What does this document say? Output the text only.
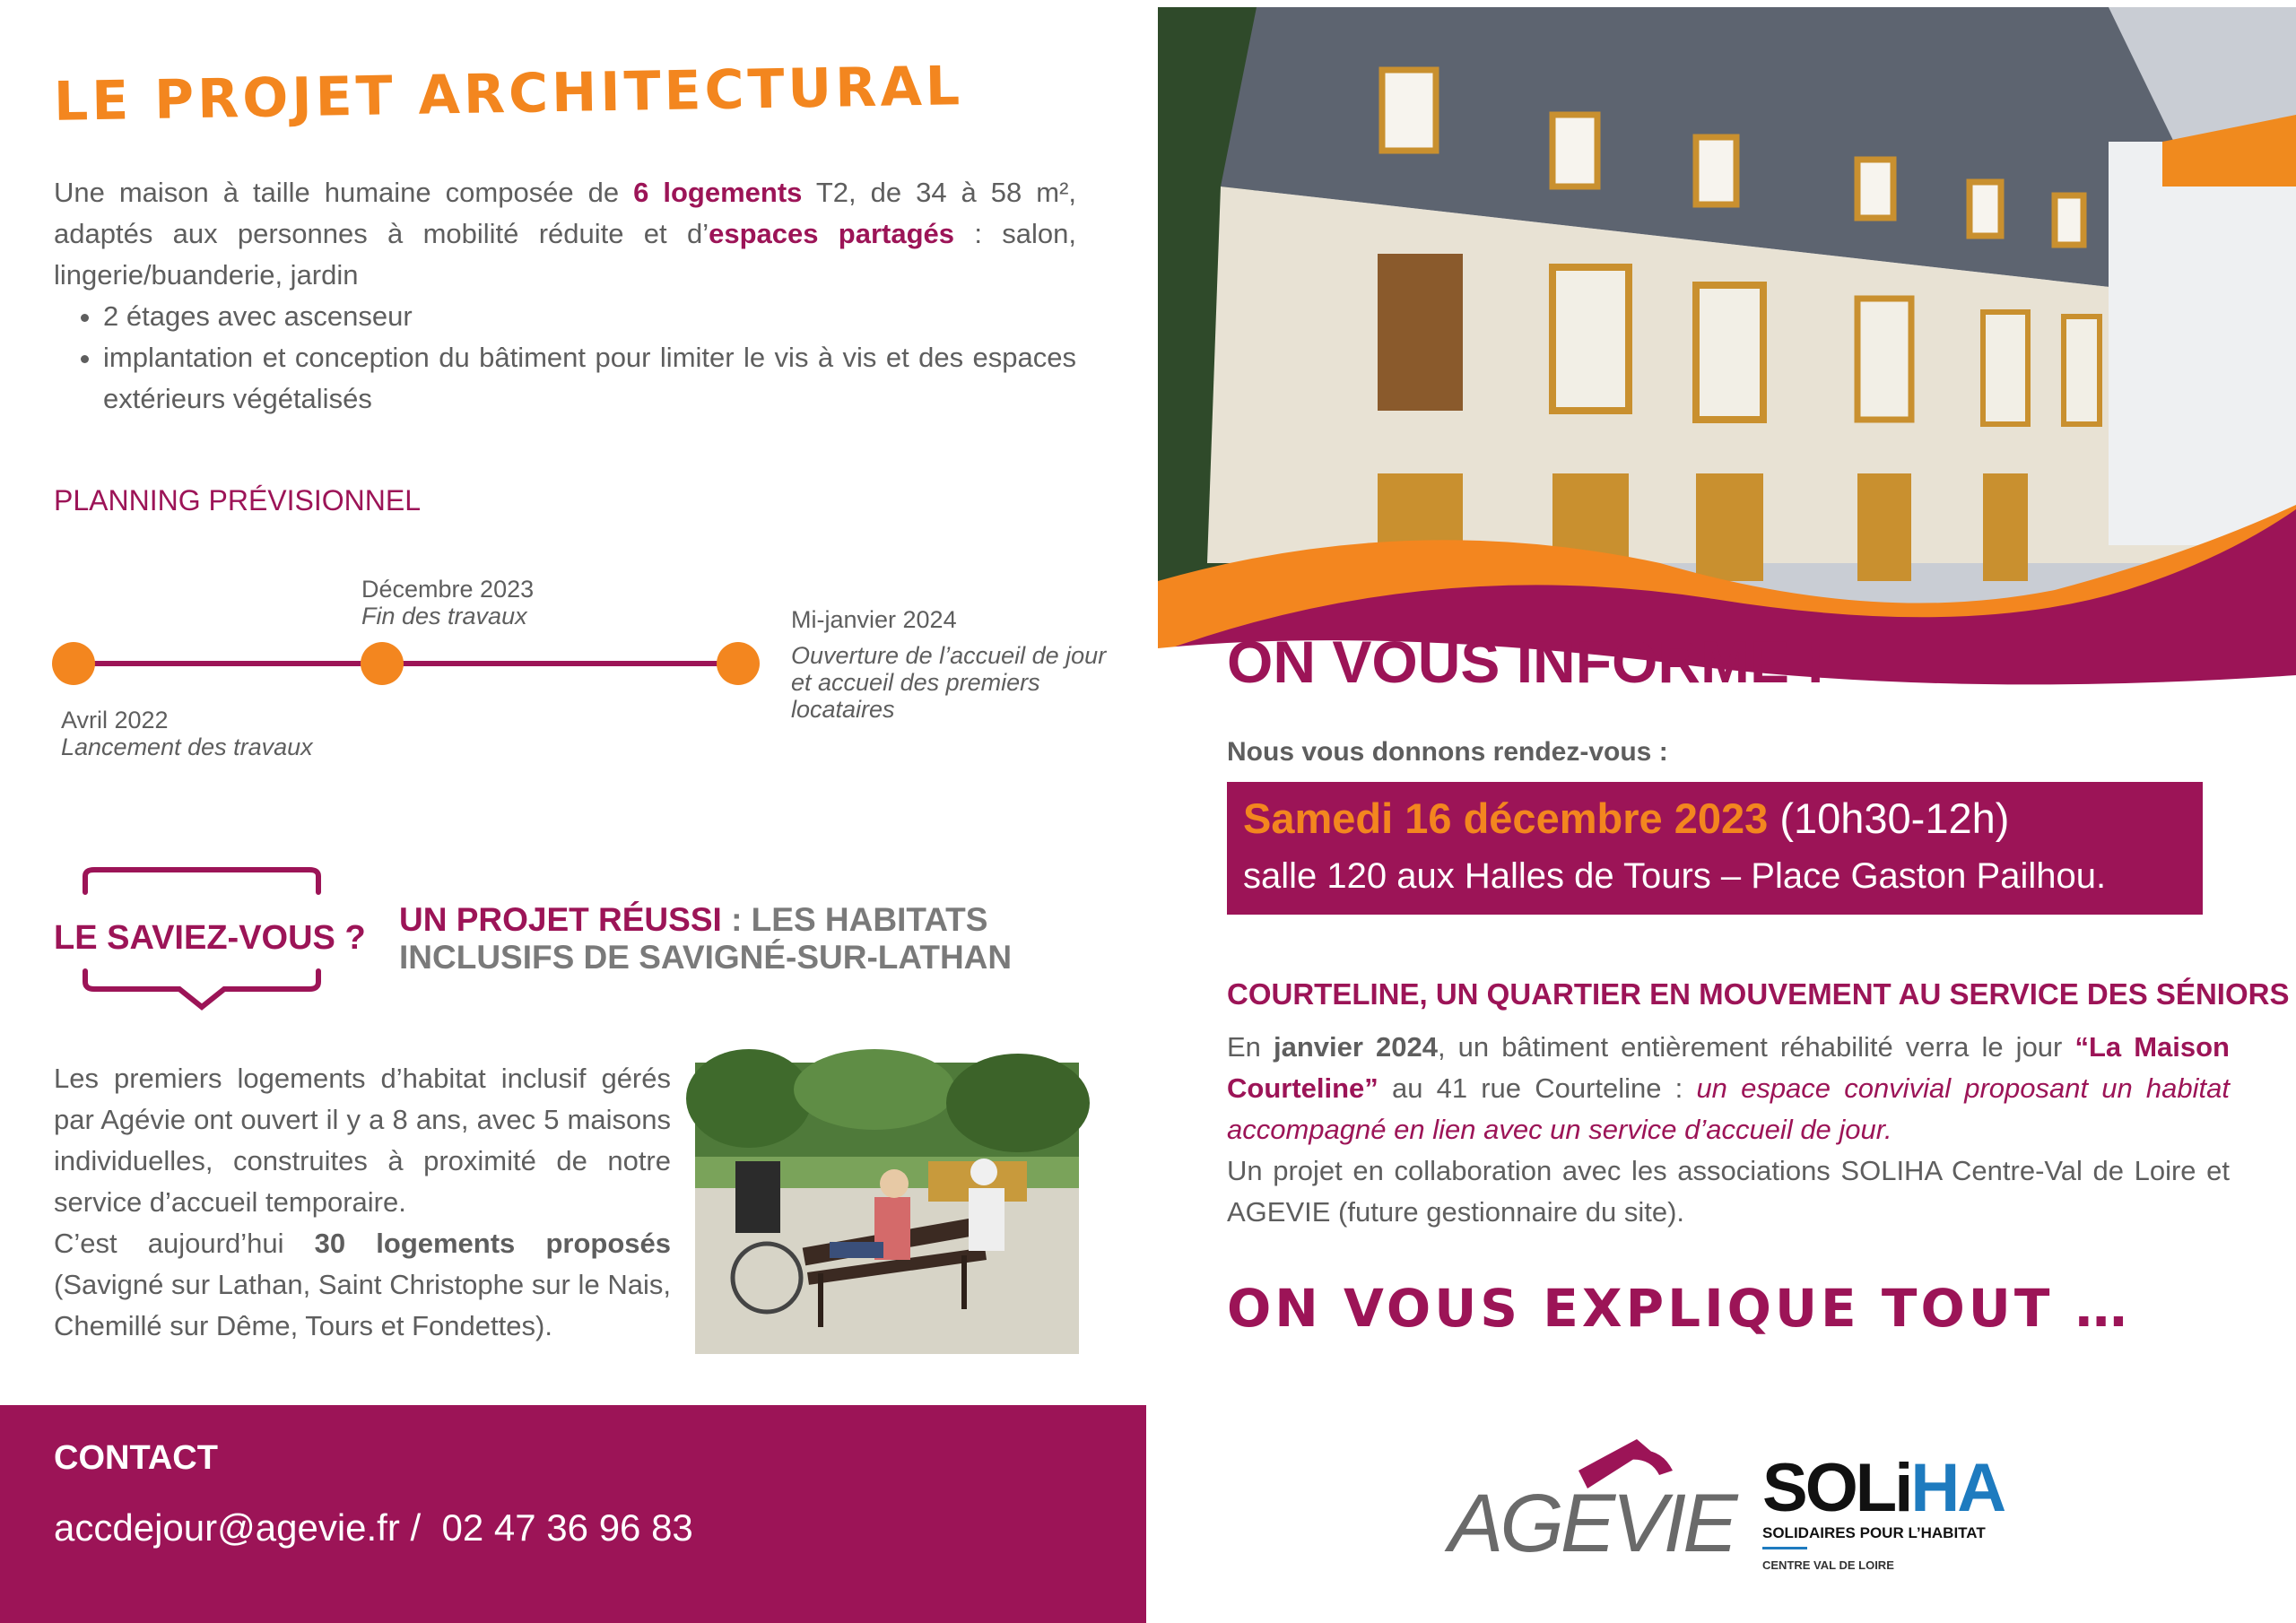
LE PROJET ARCHITECTURAL
Une maison à taille humaine composée de 6 logements T2, de 34 à 58 m², adaptés aux personnes à mobilité réduite et d’espaces partagés : salon, lingerie/buanderie, jardin
• 2 étages avec ascenseur
• implantation et conception du bâtiment pour limiter le vis à vis et des espaces extérieurs végétalisés
PLANNING PRÉVISIONNEL
Avril 2022
Lancement des travaux
Décembre 2023
Fin des travaux	Mi-janvier 2024
Ouverture de l’accueil de jour et accueil des premiers locataires
LE SAVIEZ-VOUS ? UN PROJET RÉUSSI : LES HABITATS INCLUSIFS DE SAVIGNÉ-SUR-LATHAN
Les premiers logements d’habitat inclusif gérés par Agévie ont ouvert il y a 8 ans, avec 5 maisons individuelles, construites à proximité de notre service d’accueil temporaire.
C’est aujourd’hui 30 logements proposés (Savigné sur Lathan, Saint Christophe sur le Nais, Chemillé sur Dême, Tours et Fondettes).
CONTACT
accdejour@agevie.fr /  02 47 36 96 83
ON VOUS INFORME !
Nous vous donnons rendez-vous :
Samedi 16 décembre 2023 (10h30-12h)
salle 120 aux Halles de Tours – Place Gaston Pailhou.
COURTELINE, UN QUARTIER EN MOUVEMENT AU SERVICE DES SÉNIORS
En janvier 2024, un bâtiment entièrement réhabilité verra le jour “La Maison Courteline” au 41 rue Courteline : un espace convivial proposant un habitat accompagné en lien avec un service d’accueil de jour.
Un projet en collaboration avec les associations SOLIHA Centre-Val de Loire et AGEVIE (future gestionnaire du site).
ON VOUS EXPLIQUE TOUT …
AGEVIE SOLiHA
SOLIDAIRES POUR L’HABITAT
CENTRE VAL DE LOIRE
